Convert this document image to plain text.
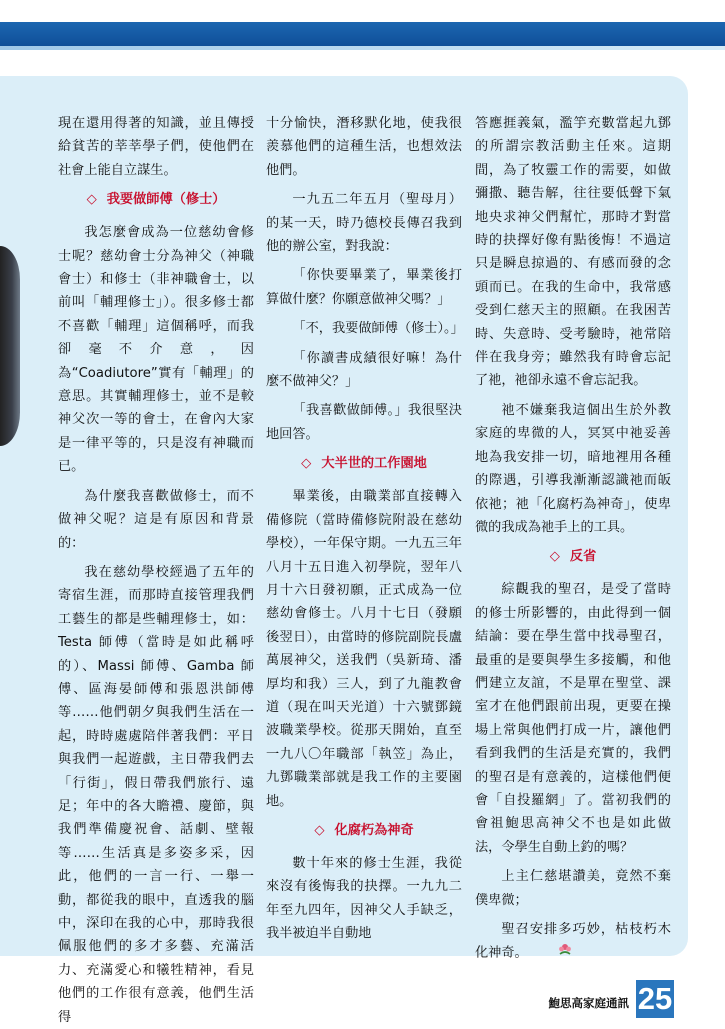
現在還用得著的知識，並且傳授給貧苦的莘莘學子們，使他們在社會上能自立謀生。

◇ 我要做師傅（修士）

我怎麼會成為一位慈幼會修士呢？慈幼會士分為神父（神職會士）和修士（非神職會士，以前叫「輔理修士」）。很多修士都不喜歡「輔理」這個稱呼，而我卻毫不介意，因為“Coadiutore”實有「輔理」的意思。其實輔理修士，並不是較神父次一等的會士，在會內大家是一律平等的，只是沒有神職而已。

為什麼我喜歡做修士，而不做神父呢？這是有原因和背景的：

我在慈幼學校經過了五年的寄宿生涯，而那時直接管理我們工藝生的都是些輔理修士，如：Testa 師傅（當時是如此稱呼的）、Massi 師傅、Gamba 師傅、區海晏師傅和張恩洪師傅等……他們朝夕與我們生活在一起，時時處處陪伴著我們：平日與我們一起遊戲，主日帶我們去「行街」，假日帶我們旅行、遠足；年中的各大瞻禮、慶節，與我們準備慶祝會、話劇、壁報等……生活真是多姿多采，因此，他們的一言一行、一舉一動，都從我的眼中，直透我的腦中，深印在我的心中，那時我很佩服他們的多才多藝、充滿活力、充滿愛心和犧牲精神，看見他們的工作很有意義，他們生活得

十分愉快，潛移默化地，使我很羨慕他們的這種生活，也想效法他們。

一九五二年五月（聖母月）的某一天，時乃德校長傳召我到他的辦公室，對我說：

「你快要畢業了，畢業後打算做什麼？你願意做神父嗎？」

「不，我要做師傅（修士）。」

「你讀書成績很好嘛！為什麼不做神父？」

「我喜歡做師傅。」我很堅決地回答。

◇ 大半世的工作園地

畢業後，由職業部直接轉入備修院（當時備修院附設在慈幼學校），一年保守期。一九五三年八月十五日進入初學院，翌年八月十六日發初願，正式成為一位慈幼會修士。八月十七日（發願後翌日），由當時的修院副院長盧萬展神父，送我們（吳新琦、潘厚均和我）三人，到了九龍教會道（現在叫天光道）十六號鄧鏡波職業學校。從那天開始，直至一九八〇年職部「執笠」為止，九鄧職業部就是我工作的主要園地。

◇ 化腐朽為神奇

數十年來的修士生涯，我從來沒有後悔我的抉擇。一九九二年至九四年，因神父人手缺乏，我半被迫半自動地

答應捱義氣，濫竽充數當起九鄧的所謂宗教活動主任來。這期間，為了牧靈工作的需要，如做彌撒、聽告解，往往要低聲下氣地央求神父們幫忙，那時才對當時的抉擇好像有點後悔！不過這只是瞬息掠過的、有感而發的念頭而已。在我的生命中，我常感受到仁慈天主的照顧。在我困苦時、失意時、受考驗時，祂常陪伴在我身旁；雖然我有時會忘記了祂，祂卻永遠不會忘記我。

祂不嫌棄我這個出生於外教家庭的卑微的人，冥冥中祂妥善地為我安排一切，暗地裡用各種的際遇，引導我漸漸認識祂而皈依祂；祂「化腐朽為神奇」，使卑微的我成為祂手上的工具。

◇ 反省

綜觀我的聖召，是受了當時的修士所影響的，由此得到一個結論：要在學生當中找尋聖召，最重的是要與學生多接觸，和他們建立友誼，不是單在聖堂、課室才在他們跟前出現，更要在操場上常與他們打成一片，讓他們看到我們的生活是充實的，我們的聖召是有意義的，這樣他們便會「自投羅網」了。當初我們的會祖鮑思高神父不也是如此做法，令學生自動上釣的嗎？

上主仁慈堪讚美，竟然不棄僕卑微；

聖召安排多巧妙，枯枝朽木化神奇。

鮑思高家庭通訊 25
